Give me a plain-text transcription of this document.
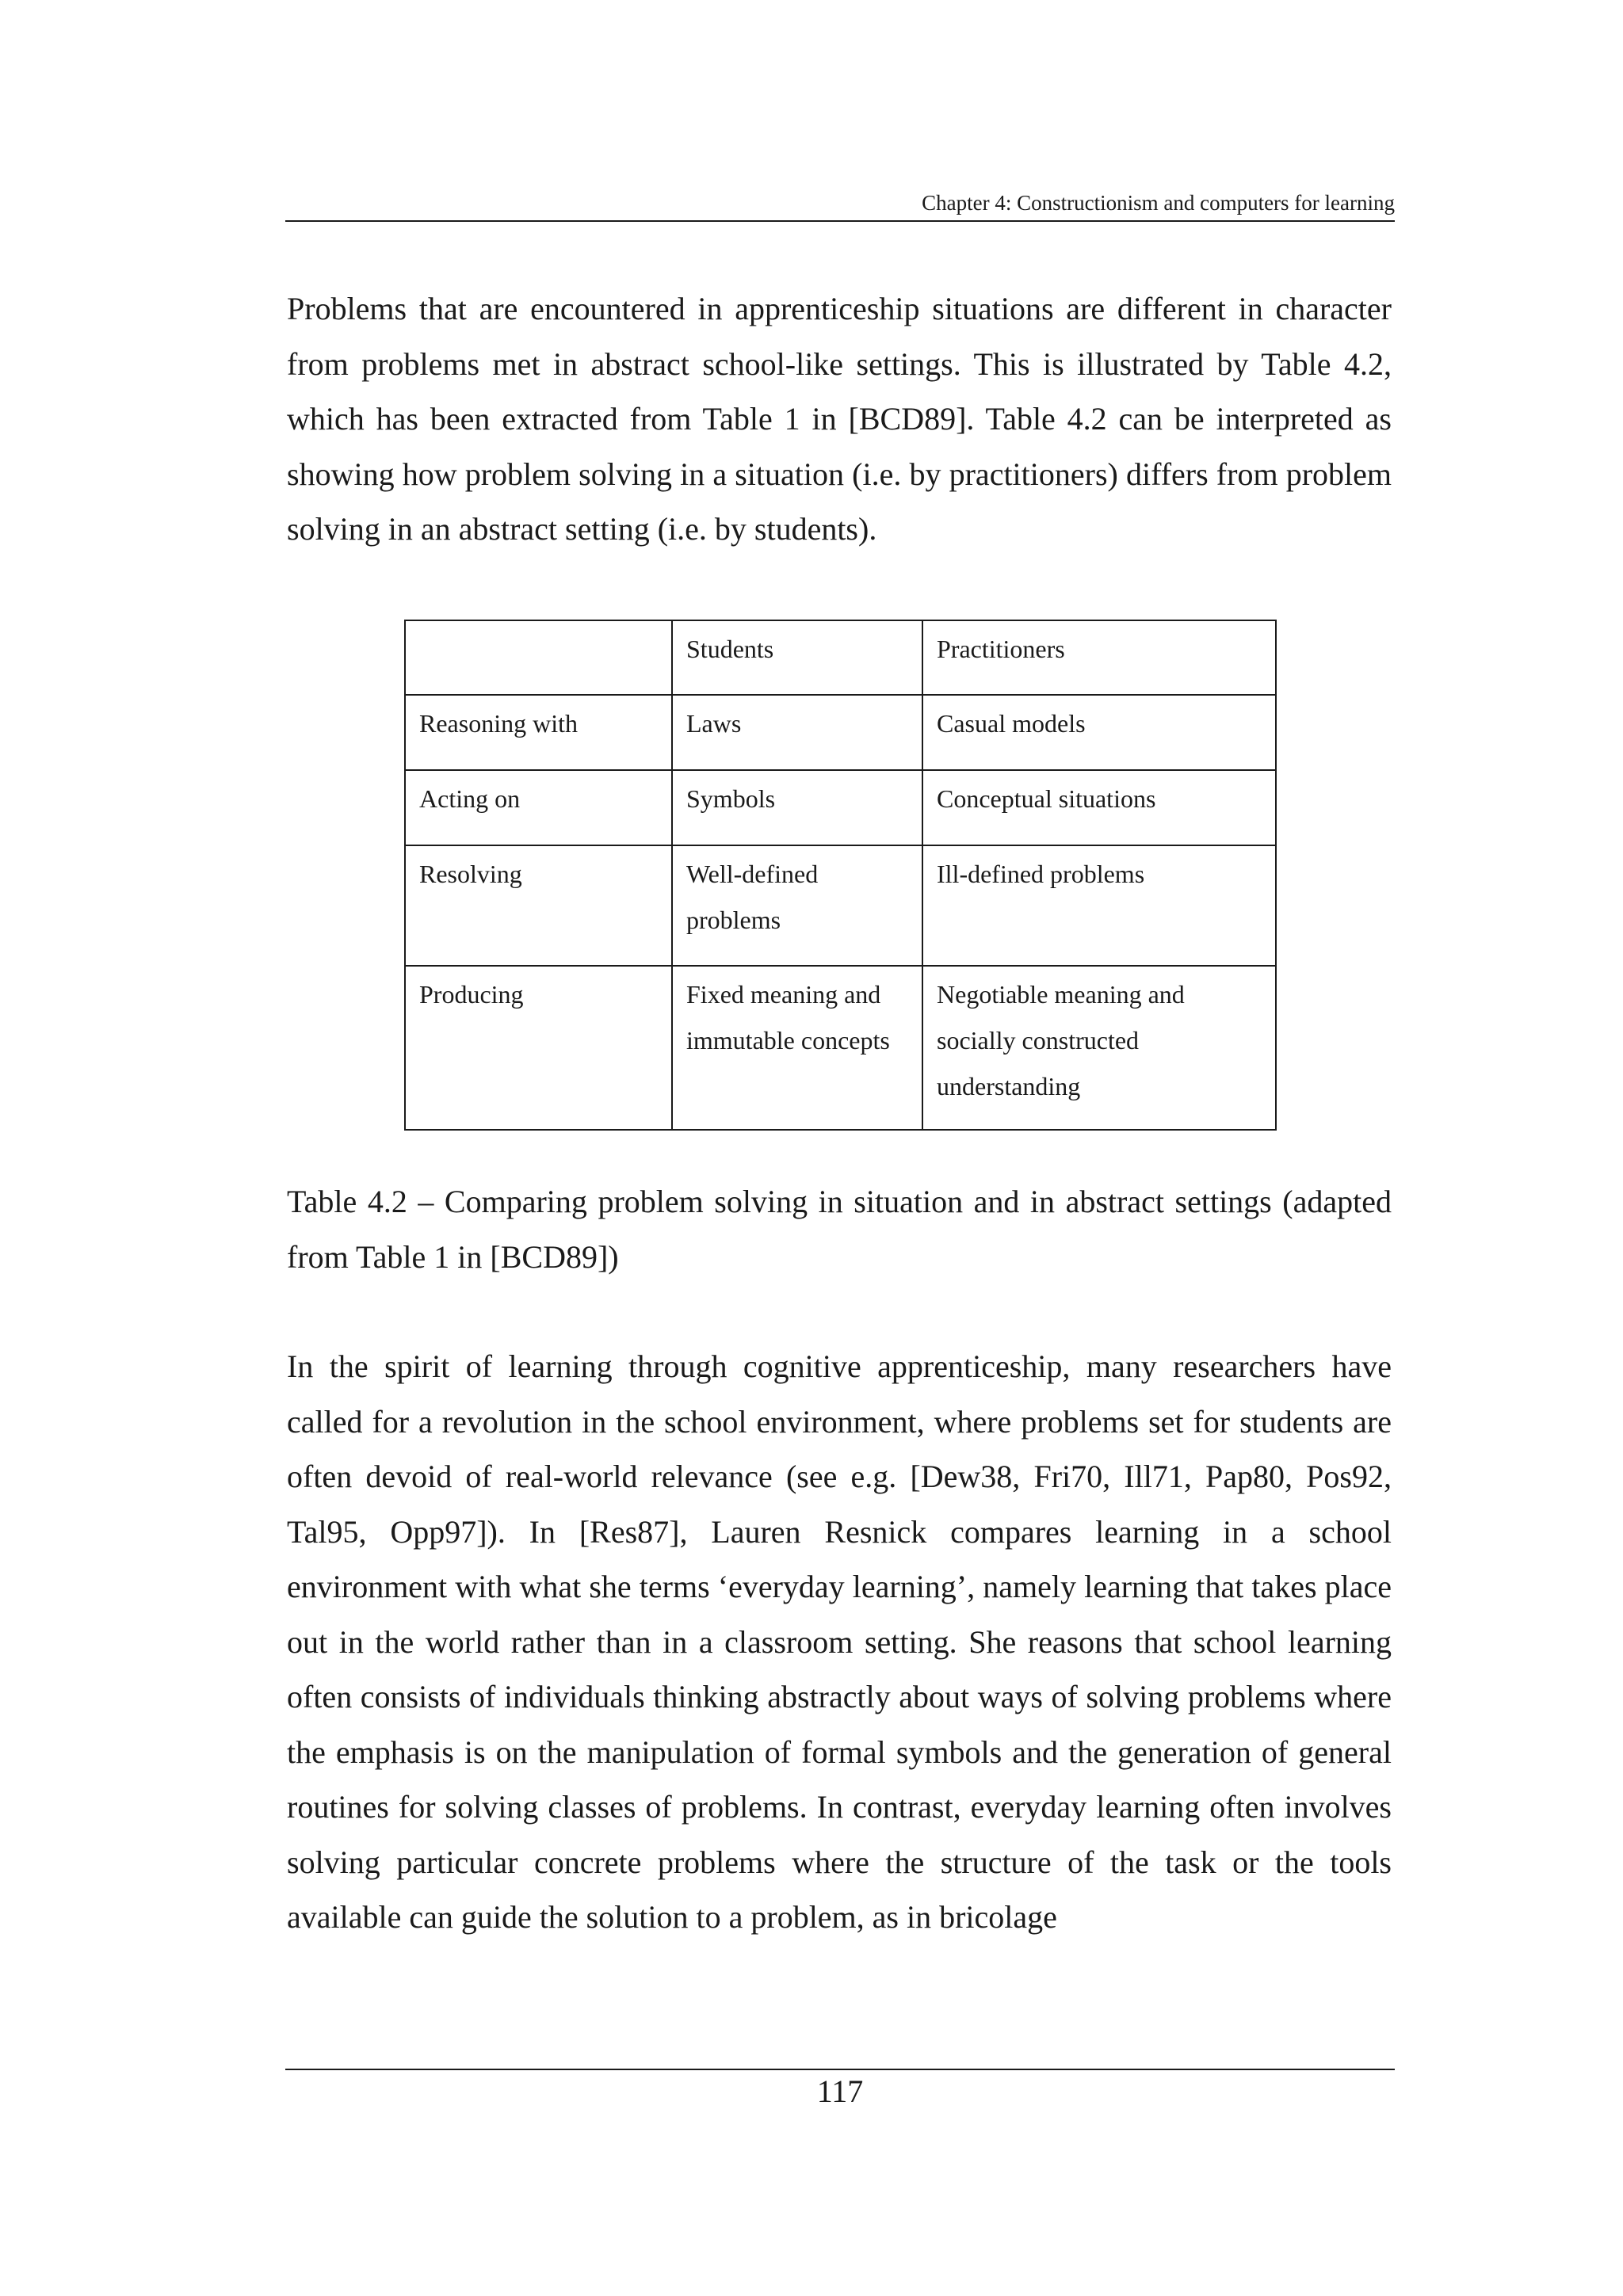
Chapter 4: Constructionism and computers for learning

Problems that are encountered in apprenticeship situations are different in character from problems met in abstract school-like settings. This is illustrated by Table 4.2, which has been extracted from Table 1 in [BCD89]. Table 4.2 can be interpreted as showing how problem solving in a situation (i.e. by practitioners) differs from problem solving in an abstract setting (i.e. by students).

	Students	Practitioners
Reasoning with	Laws	Casual models
Acting on	Symbols	Conceptual situations
Resolving	Well-defined problems	Ill-defined problems
Producing	Fixed meaning and immutable concepts	Negotiable meaning and socially constructed understanding

Table 4.2 – Comparing problem solving in situation and in abstract settings (adapted from Table 1 in [BCD89])

In the spirit of learning through cognitive apprenticeship, many researchers have called for a revolution in the school environment, where problems set for students are often devoid of real-world relevance (see e.g. [Dew38, Fri70, Ill71, Pap80, Pos92, Tal95, Opp97]). In [Res87], Lauren Resnick compares learning in a school environment with what she terms ‘everyday learning’, namely learning that takes place out in the world rather than in a classroom setting. She reasons that school learning often consists of individuals thinking abstractly about ways of solving problems where the emphasis is on the manipulation of formal symbols and the generation of general routines for solving classes of problems. In contrast, everyday learning often involves solving particular concrete problems where the structure of the task or the tools available can guide the solution to a problem, as in bricolage

117
